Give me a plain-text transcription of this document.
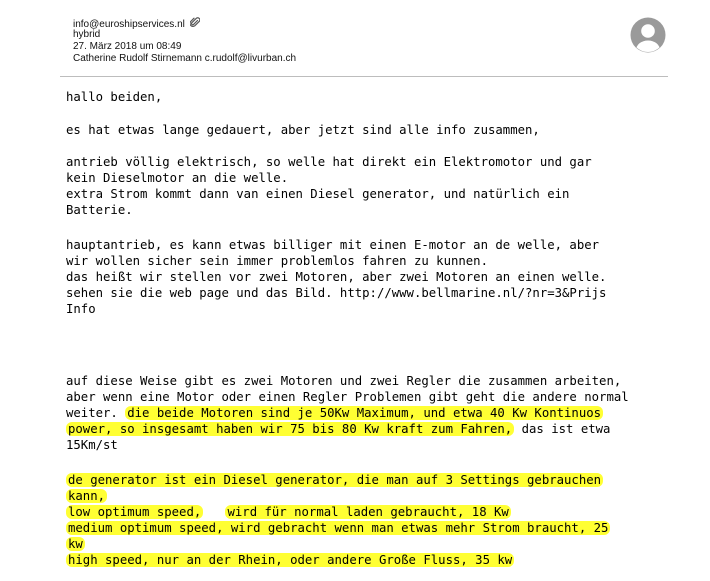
info@euroshipservices.nl
hybrid
27. März 2018 um 08:49
Catherine Rudolf Stirnemann c.rudolf@livurban.ch

hallo beiden,

es hat etwas lange gedauert, aber jetzt sind alle info zusammen,

antrieb völlig elektrisch, so welle hat direkt ein Elektromotor und gar

kein Dieselmotor an die welle.

extra Strom kommt dann van einen Diesel generator, und natürlich ein

Batterie.

hauptantrieb, es kann etwas billiger mit einen E-motor an de welle, aber

wir wollen sicher sein immer problemlos fahren zu kunnen.

das heißt wir stellen vor zwei Motoren, aber zwei Motoren an einen welle.

sehen sie die web page und das Bild. http://www.bellmarine.nl/?nr=3&Prijs

Info

auf diese Weise gibt es zwei Motoren und zwei Regler die zusammen arbeiten,

aber wenn eine Motor oder einen Regler Problemen gibt geht die andere normal

weiter. die beide Motoren sind je 50Kw Maximum, und etwa 40 Kw Kontinuos

power, so insgesamt haben wir 75 bis 80 Kw kraft zum Fahren, das ist etwa

15Km/st

de generator ist ein Diesel generator, die man auf 3 Settings gebrauchen

kann,

low optimum speed, wird für normal laden gebraucht, 18 Kw

medium optimum speed, wird gebracht wenn man etwas mehr Strom braucht, 25

kw

high speed, nur an der Rhein, oder andere Große Fluss, 35 kw
